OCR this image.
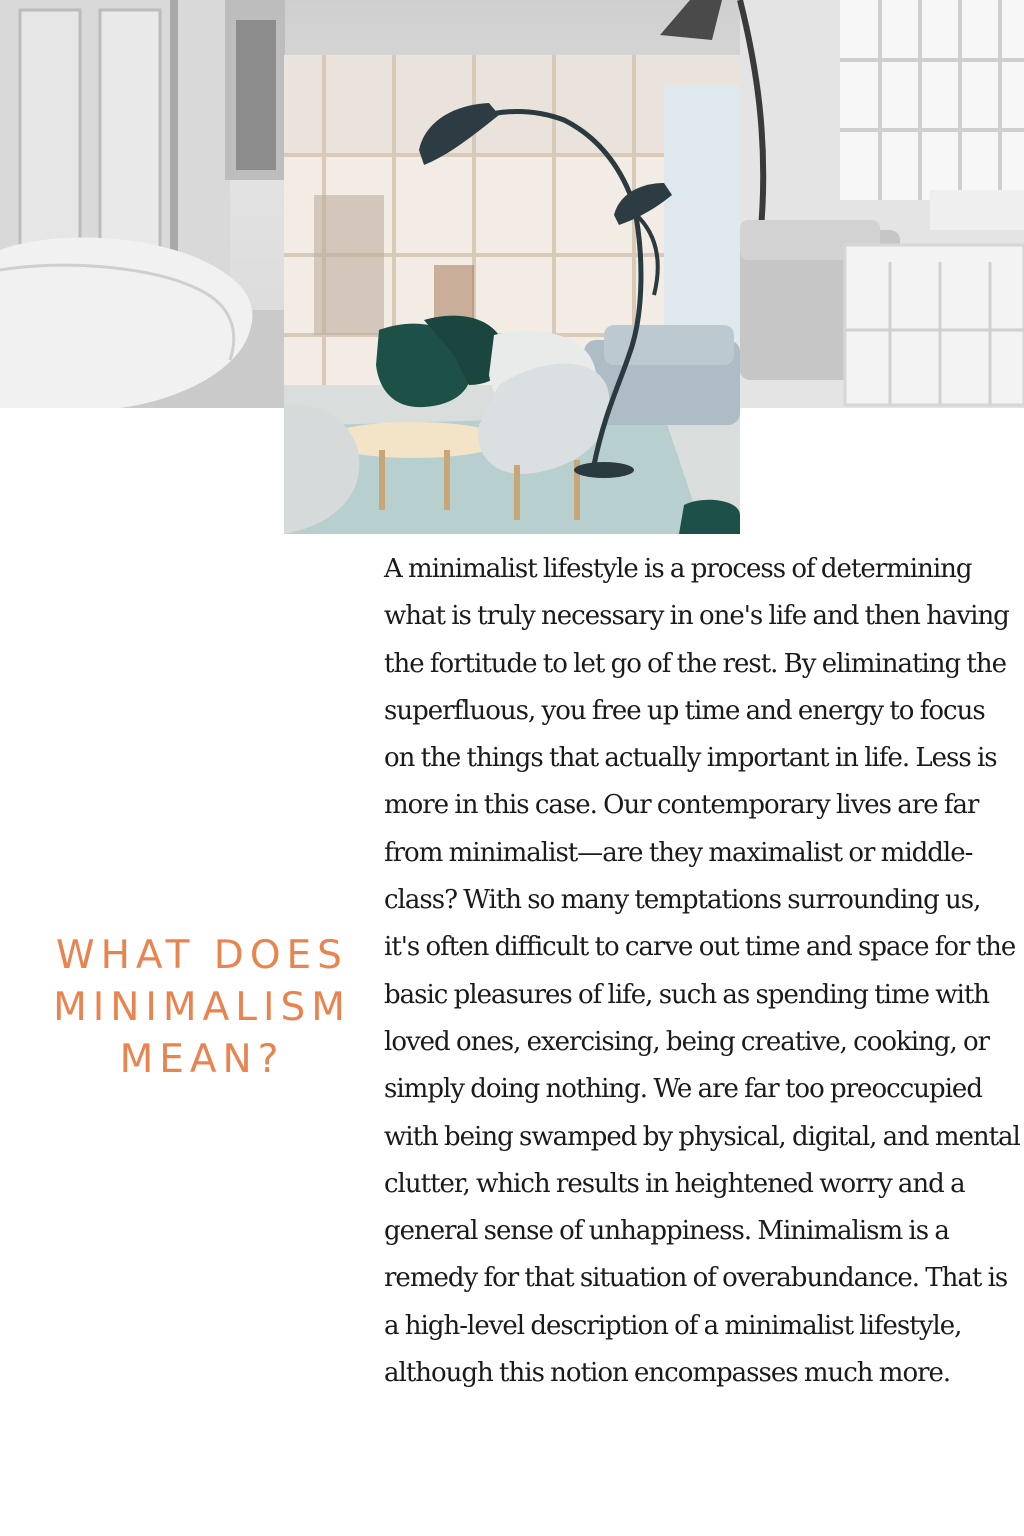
WHAT DOES MINIMALISM MEAN?

A minimalist lifestyle is a process of determining what is truly necessary in one's life and then having the fortitude to let go of the rest. By eliminating the superfluous, you free up time and energy to focus on the things that actually important in life. Less is more in this case. Our contemporary lives are far from minimalist—are they maximalist or middle-class? With so many temptations surrounding us, it's often difficult to carve out time and space for the basic pleasures of life, such as spending time with loved ones, exercising, being creative, cooking, or simply doing nothing. We are far too preoccupied with being swamped by physical, digital, and mental clutter, which results in heightened worry and a general sense of unhappiness. Minimalism is a remedy for that situation of overabundance. That is a high-level description of a minimalist lifestyle, although this notion encompasses much more.
